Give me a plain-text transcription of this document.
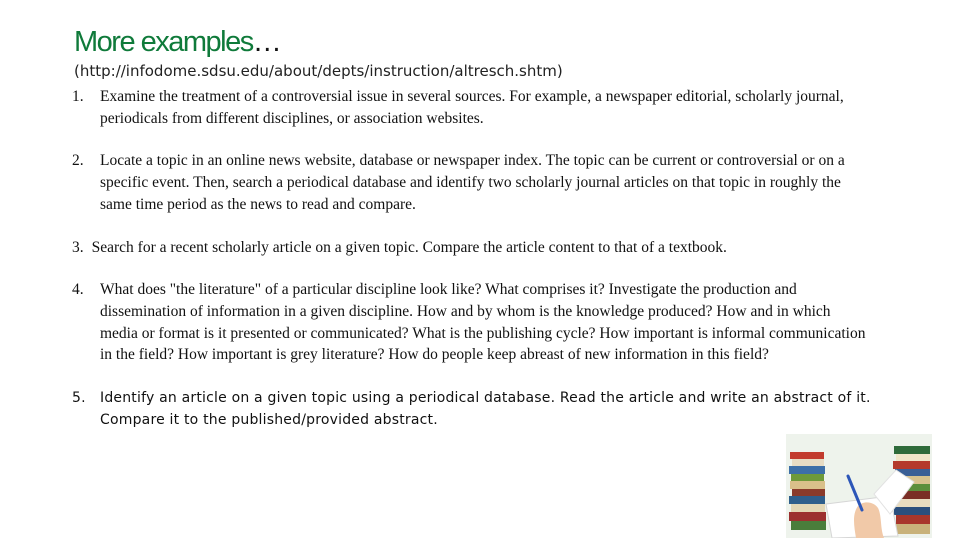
More examples…
(http://infodome.sdsu.edu/about/depts/instruction/altresch.shtm)
1. Examine the treatment of a controversial issue in several sources. For example, a newspaper editorial, scholarly journal, periodicals from different disciplines, or association websites.
2. Locate a topic in an online news website, database or newspaper index. The topic can be current or controversial or on a specific event. Then, search a periodical database and identify two scholarly journal articles on that topic in roughly the same time period as the news to read and compare.
3. Search for a recent scholarly article on a given topic. Compare the article content to that of a textbook.
4. What does "the literature" of a particular discipline look like? What comprises it? Investigate the production and dissemination of information in a given discipline. How and by whom is the knowledge produced? How and in which media or format is it presented or communicated? What is the publishing cycle? How important is informal communication in the field? How important is grey literature? How do people keep abreast of new information in this field?
5. Identify an article on a given topic using a periodical database. Read the article and write an abstract of it. Compare it to the published/provided abstract.
